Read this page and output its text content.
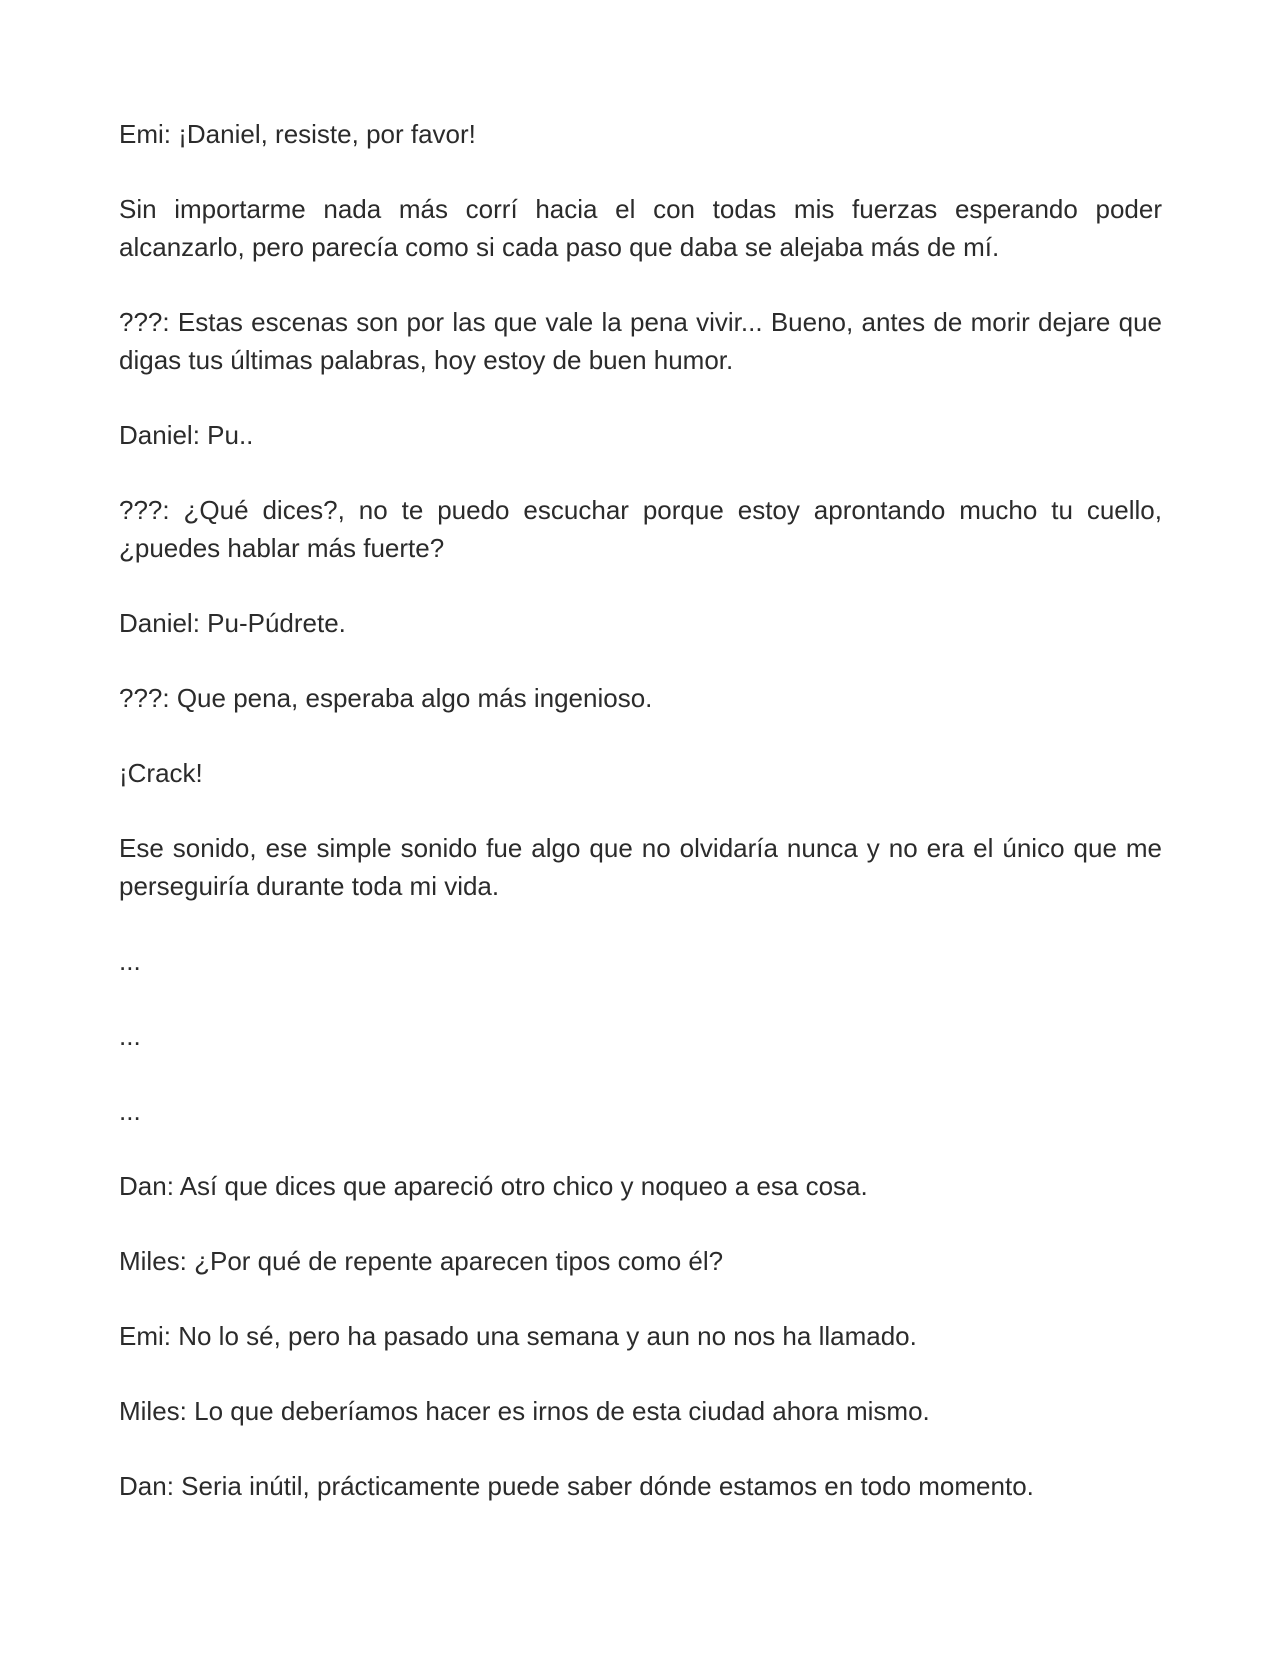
Emi: ¡Daniel, resiste, por favor!

Sin importarme nada más corrí hacia el con todas mis fuerzas esperando poder alcanzarlo, pero parecía como si cada paso que daba se alejaba más de mí.

???: Estas escenas son por las que vale la pena vivir... Bueno, antes de morir dejare que digas tus últimas palabras, hoy estoy de buen humor.

Daniel: Pu..

???: ¿Qué dices?, no te puedo escuchar porque estoy aprontando mucho tu cuello, ¿puedes hablar más fuerte?

Daniel: Pu-Púdrete.

???: Que pena, esperaba algo más ingenioso.

¡Crack!

Ese sonido, ese simple sonido fue algo que no olvidaría nunca y no era el único que me perseguiría durante toda mi vida.

...

...

...

Dan: Así que dices que apareció otro chico y noqueo a esa cosa.

Miles: ¿Por qué de repente aparecen tipos como él?

Emi: No lo sé, pero ha pasado una semana y aun no nos ha llamado.

Miles: Lo que deberíamos hacer es irnos de esta ciudad ahora mismo.

Dan: Seria inútil, prácticamente puede saber dónde estamos en todo momento.
